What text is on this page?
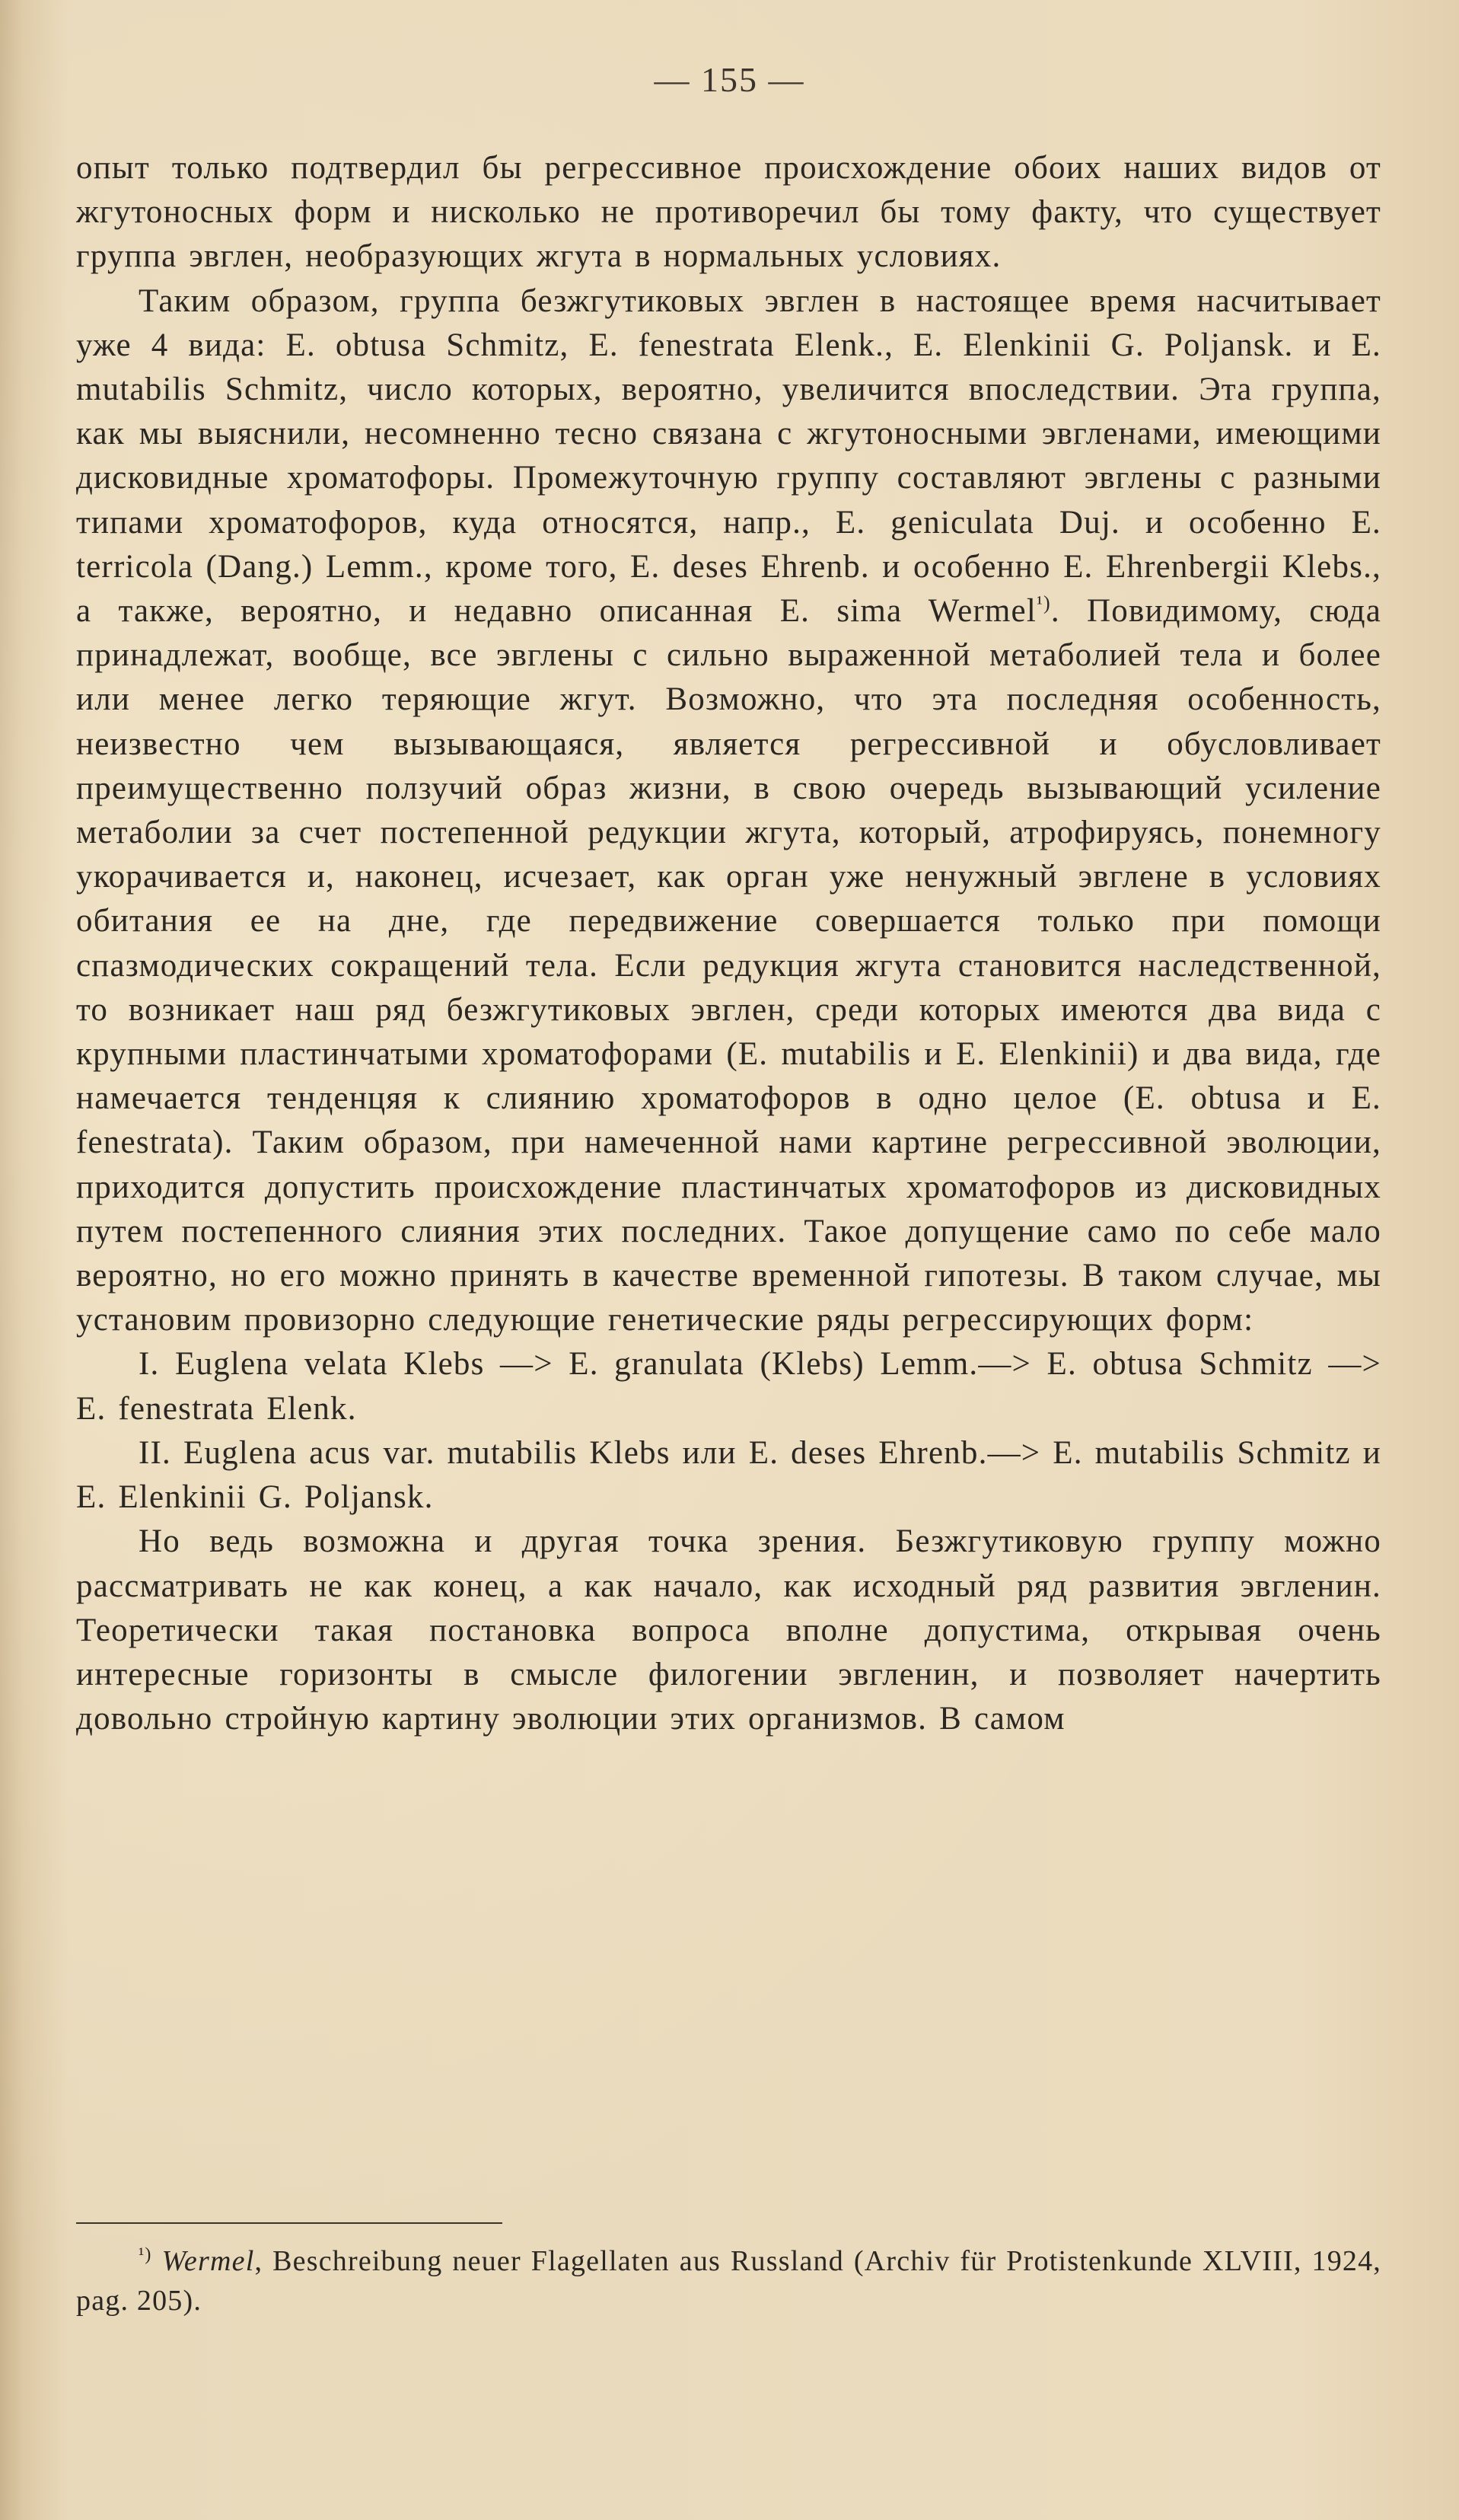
— 155 —

опыт только подтвердил бы регрессивное происхождение обоих наших видов от жгутоносных форм и нисколько не противоречил бы тому факту, что существует группа эвглен, необразующих жгута в нормальных условиях.

Таким образом, группа безжгутиковых эвглен в настоящее время насчитывает уже 4 вида: E. obtusa Schmitz, E. fenestrata Elenk., E. Elenkinii G. Poljansk. и E. mutabilis Schmitz, число которых, вероятно, увеличится впоследствии. Эта группа, как мы выяснили, несомненно тесно связана с жгутоносными эвгленами, имеющими дисковидные хроматофоры. Промежуточную группу составляют эвглены с разными типами хроматофоров, куда относятся, напр., E. geniculata Duj. и особенно E. terricola (Dang.) Lemm., кроме того, E. deses Ehrenb. и особенно E. Ehrenbergii Klebs., а также, вероятно, и недавно описанная E. sima Wermel$^{^1)}$. Повидимому, сюда принадлежат, вообще, все эвглены с сильно выраженной метаболией тела и более или менее легко теряющие жгут. Возможно, что эта последняя особенность, неизвестно чем вызывающаяся, является регрессивной и обусловливает преимущественно ползучий образ жизни, в свою очередь вызывающий усиление метаболии за счет постепенной редукции жгута, который, атрофируясь, понемногу укорачивается и, наконец, исчезает, как орган уже ненужный эвглене в условиях обитания ее на дне, где передвижение совершается только при помощи спазмодических сокращений тела. Если редукция жгута становится наследственной, то возникает наш ряд безжгутиковых эвглен, среди которых имеются два вида с крупными пластинчатыми хроматофорами (E. mutabilis и E. Elenkinii) и два вида, где намечается тенденцяя к слиянию хроматофоров в одно целое (E. obtusa и E. fenestrata). Таким образом, при намеченной нами картине регрессивной эволюции, приходится допустить происхождение пластинчатых хроматофоров из дисковидных путем постепенного слияния этих последних. Такое допущение само по себе мало вероятно, но его можно принять в качестве временной гипотезы. В таком случае, мы установим провизорно следующие генетические ряды регрессирующих форм:

I. Euglena velata Klebs —> E. granulata (Klebs) Lemm.—> E. obtusa Schmitz —> E. fenestrata Elenk.

II. Euglena acus var. mutabilis Klebs или E. deses Ehrenb.—> E. mutabilis Schmitz и E. Elenkinii G. Poljansk.

Но ведь возможна и другая точка зрения. Безжгутиковую группу можно рассматривать не как конец, а как начало, как исходный ряд развития эвгленин. Теоретически такая постановка вопроса вполне допустима, открывая очень интересные горизонты в смысле филогении эвгленин, и позволяет начертить довольно стройную картину эволюции этих организмов. В самом

$^{^1)}$ Wermel, Beschreibung neuer Flagellaten aus Russland (Archiv für Protistenkunde XLVIII, 1924, pag. 205).
